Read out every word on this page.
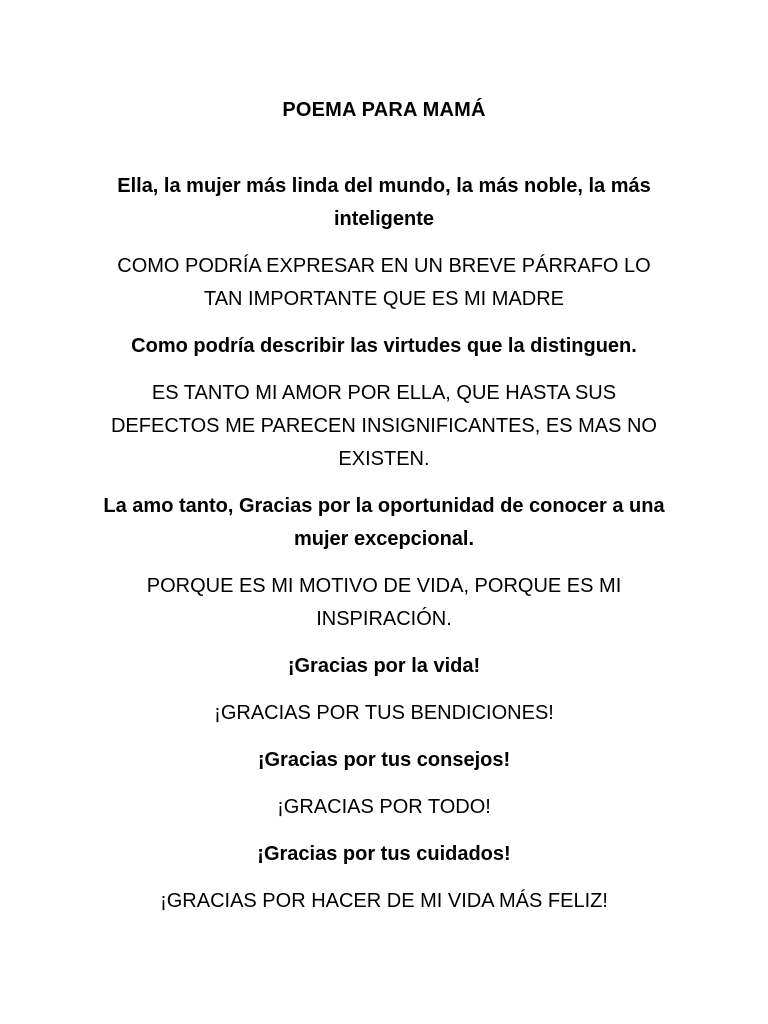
POEMA PARA MAMÁ

Ella, la mujer más linda del mundo, la más noble, la más inteligente

COMO PODRÍA EXPRESAR EN UN BREVE PÁRRAFO LO TAN IMPORTANTE QUE ES MI MADRE

Como podría describir las virtudes que la distinguen.

ES TANTO MI AMOR POR ELLA, QUE HASTA SUS DEFECTOS ME PARECEN INSIGNIFICANTES, ES MAS NO EXISTEN.

La amo tanto, Gracias por la oportunidad de conocer a una mujer excepcional.

PORQUE ES MI MOTIVO DE VIDA, PORQUE ES MI INSPIRACIÓN.

¡Gracias por la vida!

¡GRACIAS POR TUS BENDICIONES!

¡Gracias por tus consejos!

¡GRACIAS POR TODO!

¡Gracias por tus cuidados!

¡GRACIAS POR HACER DE MI VIDA MÁS FELIZ!
